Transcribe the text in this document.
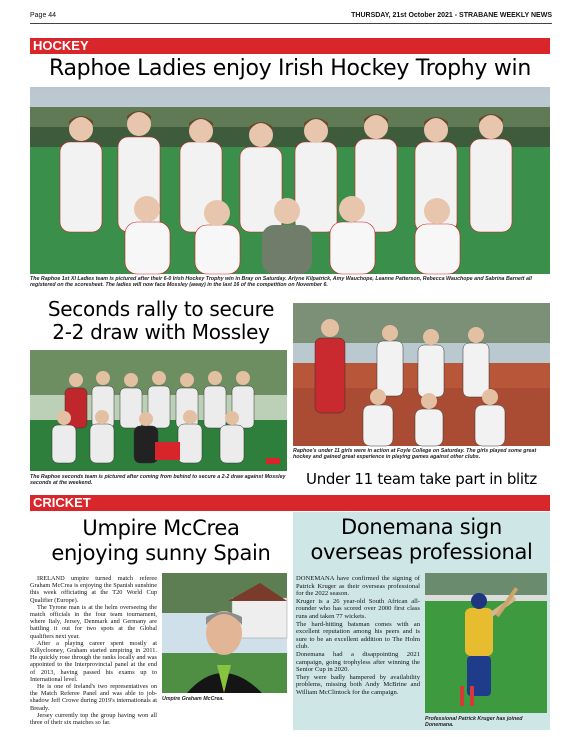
Page 44	THURSDAY, 21st October 2021 - STRABANE WEEKLY NEWS
HOCKEY
Raphoe Ladies enjoy Irish Hockey Trophy win
The Raphoe 1st XI Ladies team is pictured after their 6-0 Irish Hockey Trophy win in Bray on Saturday. Arlyne Kilpatrick, Amy Wauchope, Leanne Patterson, Rebecca Wauchope and Sabrina Barnett all registered on the scoresheet. The ladies will now face Mossley (away) in the last 16 of the competition on November 6.
Seconds rally to secure
2-2 draw with Mossley
The Raphoe seconds team is pictured after coming from behind to secure a 2-2 draw against Mossley seconds at the weekend.
Raphoe's under 11 girls were in action at Foyle College on Saturday. The girls played some great hockey and gained great experience in playing games against other clubs.
Under 11 team take part in blitz
CRICKET
Umpire McCrea
enjoying sunny Spain

IRELAND umpire turned match referee Graham McCrea is enjoying the Spanish sunshine this week officiating at the T20 World Cup Qualifier (Europe).

The Tyrone man is at the helm overseeing the match officials in the four team tournament, where Italy, Jersey, Denmark and Germany are battling it out for two spots at the Global qualifiers next year.

After a playing career spent mostly at Killyclooney, Graham started umpiring in 2011. He quickly rose through the ranks locally and was appointed to the Interprovincial panel at the end of 2013, having passed his exams up to International level.

He is one of Ireland's two representatives on the Match Referee Panel and was able to job-shadow Jeff Crowe during 2019's internationals at Bready.

Jersey currently top the group having won all three of their six matches so far.

Umpire Graham McCrea.
Donemana sign
overseas professional

DONEMANA have confirmed the signing of Patrick Kruger as their overseas professional for the 2022 season.

Kruger is a 26 year-old South African all-rounder who has scored over 2000 first class runs and taken 77 wickets.

The hard-hitting batsman comes with an excellent reputation among his peers and is sure to be an excellent addition to The Holm club.

Donemana had a disappointing 2021 campaign, going trophyless after winning the Senior Cup in 2020.

They were badly hampered by availability problems, missing both Andy McBrine and William McClintock for the campaign.

Professional Patrick Kruger has joined Donemana.
